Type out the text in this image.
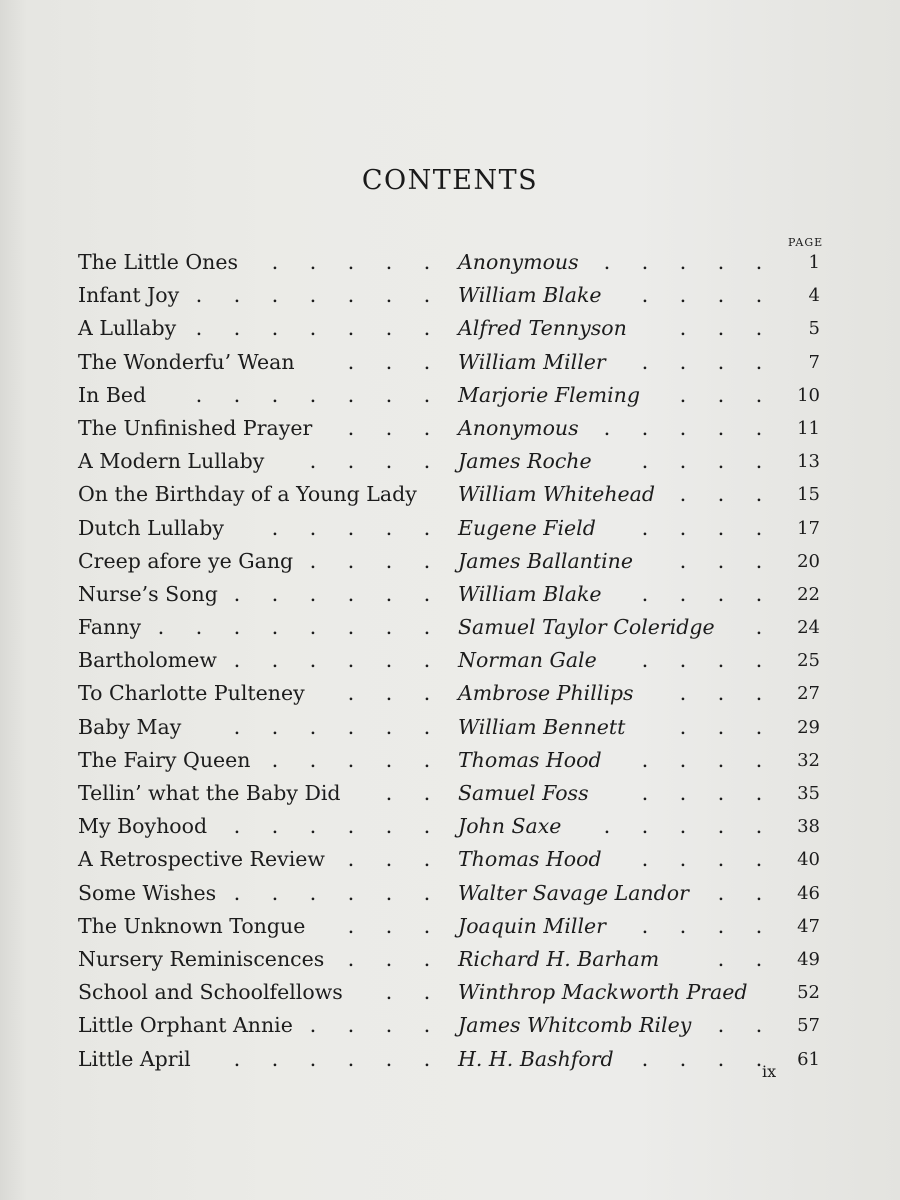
CONTENTS
PAGE
The Little Ones	. . . . .	Anonymous	. . . . .	1
Infant Joy . . . . . . .	William Blake	. . . .	4
A Lullaby . . . . . . .	Alfred Tennyson	. . .	5
The Wonderfu’ Wean	. . .	William Miller	. . . .	7
In Bed	. . . . . . .	Marjorie Fleming	. . .	10
The Unfinished Prayer	. . .	Anonymous	. . . . .	11
A Modern Lullaby	. . . .	James Roche	. . . .	13
On the Birthday of a Young Lady William Whitehead	. . .	15
Dutch Lullaby	. . . . .	Eugene Field	. . . .	17
Creep afore ye Gang . . . .	James Ballantine	. . .	20
Nurse’s Song . . . . . .	William Blake	. . . .	22
Fanny . . . . . . . .	Samuel Taylor Coleridge	.	24
Bartholomew . . . . . .	Norman Gale	. . . .	25
To Charlotte Pulteney	. . .	Ambrose Phillips	. . .	27
Baby May	. . . . . .	William Bennett	. . .	29
The Fairy Queen	. . . . .	Thomas Hood	. . . .	32
Tellin’ what the Baby Did	. .	Samuel Foss	. . . .	35
My Boyhood	. . . . . .	John Saxe	. . . . .	38
A Retrospective Review	. . .	Thomas Hood	. . . .	40
Some Wishes . . . . . .	Walter Savage Landor	. .	46
The Unknown Tongue	. . .	Joaquin Miller	. . . .	47
Nursery Reminiscences	. . .	Richard H. Barham	. .	49
School and Schoolfellows	. .	Winthrop Mackworth Praed	52
Little Orphant Annie . . . .	James Whitcomb Riley	. .	57
Little April	. . . . . .	H. H. Bashford	. . . .	61
ix
